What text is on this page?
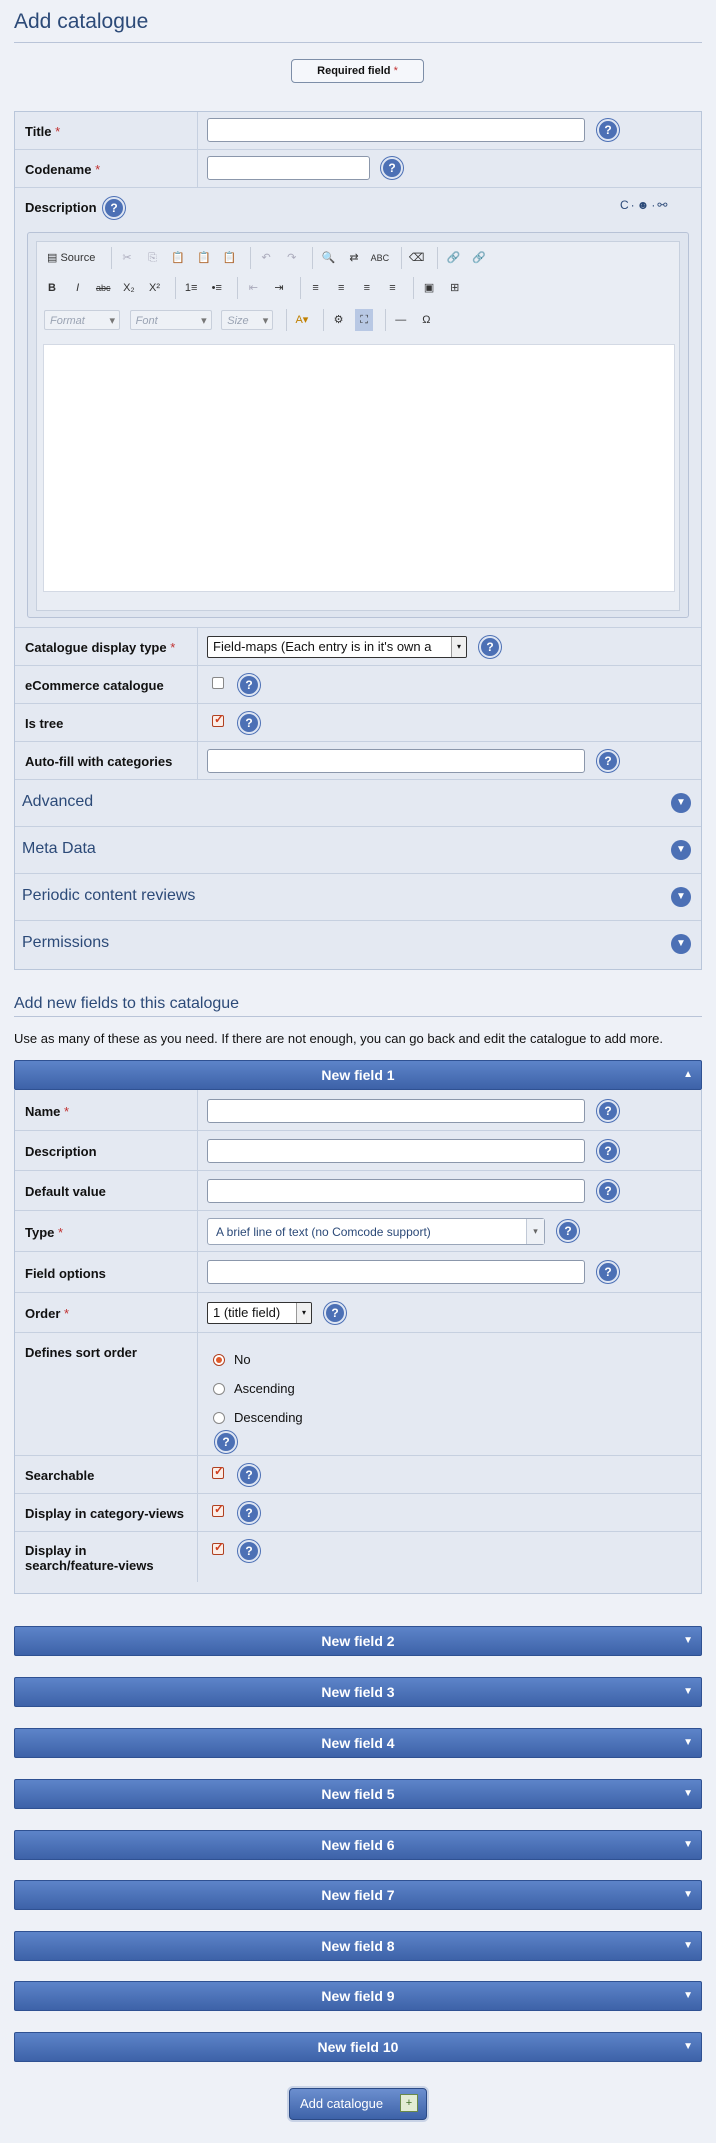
Add catalogue
Required field *
Title *	?
Codename *	?
Description	?	C·☻·⚯
▤ Source ✂ ⎘ 📋 📋 📋 ↶ ↷ 🔍 ⇄ ABC ⌫ 🔗 🔗
B I abc X₂ X² 1≡ •≡ ⇤ ⇥	≡ ≡ ≡ ≡	▣ ⊞
Format ▾	Font ▾	Size ▾	A▾ ⚙ ⛶ — Ω
Catalogue display type *	Field-maps (Each entry is in it's own a	▾	?
eCommerce catalogue	?
Is tree ✓	?
Auto-fill with categories	?
Advanced	▼
Meta Data	▼
Periodic content reviews	▼
Permissions	▼
Add new fields to this catalogue
Use as many of these as you need. If there are not enough, you can go back and edit the catalogue to add more.
New field 1	▲
Name *	?
Description	?
Default value	?
Type *	A brief line of text (no Comcode support)	▾	?
Field options	?
Order *	1 (title field)	▾	?
Defines sort order	No
Ascending
Descending
?
Searchable ✓	?
Display in category-views ✓	?
Display in search/feature-views
✓
?
New field 2	▼
New field 3	▼
New field 4	▼
New field 5	▼
New field 6	▼
New field 7	▼
New field 8	▼
New field 9	▼
New field 10	▼
Add catalogue	+
